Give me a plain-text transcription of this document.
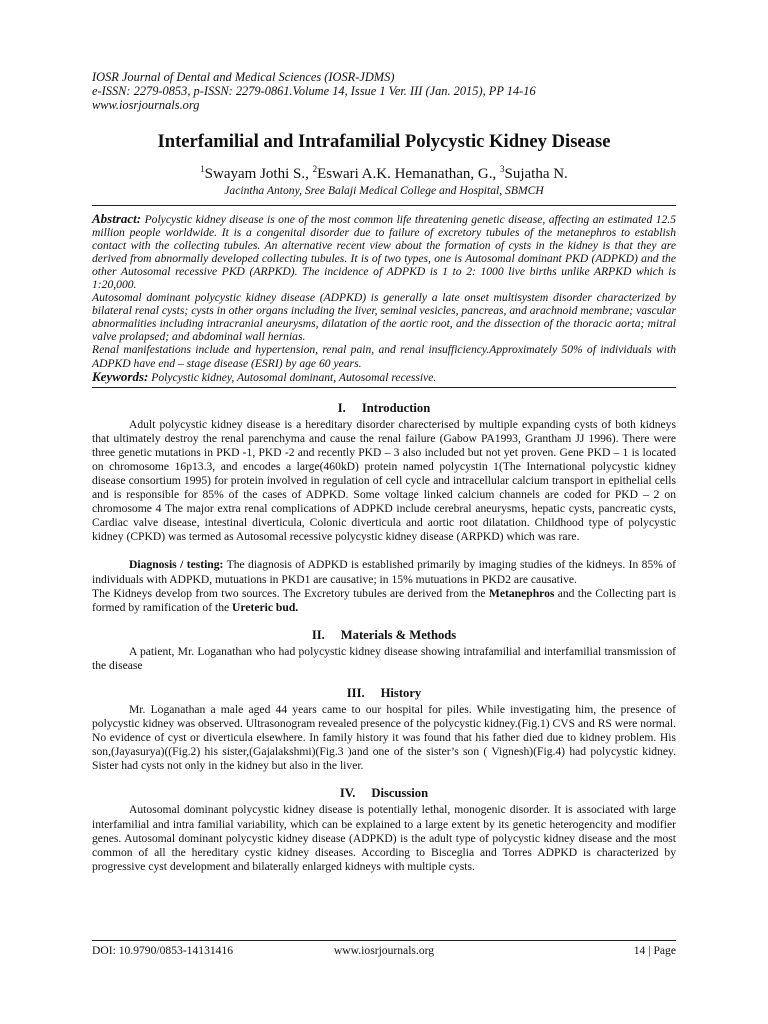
IOSR Journal of Dental and Medical Sciences (IOSR-JDMS)
e-ISSN: 2279-0853, p-ISSN: 2279-0861.Volume 14, Issue 1 Ver. III (Jan. 2015), PP 14-16
www.iosrjournals.org
Interfamilial and Intrafamilial Polycystic Kidney Disease
$^1$Swayam Jothi S., $^2$Eswari A.K. Hemanathan, G., $^3$Sujatha N.
Jacintha Antony, Sree Balaji Medical College and Hospital, SBMCH

Abstract: Polycystic kidney disease is one of the most common life threatening genetic disease, affecting an estimated 12.5 million people worldwide. It is a congenital disorder due to failure of excretory tubules of the metanephros to establish contact with the collecting tubules. An alternative recent view about the formation of cysts in the kidney is that they are derived from abnormally developed collecting tubules. It is of two types, one is Autosomal dominant PKD (ADPKD) and the other Autosomal recessive PKD (ARPKD). The incidence of ADPKD is 1 to 2: 1000 live births unlike ARPKD which is 1:20,000.

Autosomal dominant polycystic kidney disease (ADPKD) is generally a late onset multisystem disorder characterized by bilateral renal cysts; cysts in other organs including the liver, seminal vesicles, pancreas, and arachnoid membrane; vascular abnormalities including intracranial aneurysms, dilatation of the aortic root, and the dissection of the thoracic aorta; mitral valve prolapsed; and abdominal wall hernias.

Renal manifestations include and hypertension, renal pain, and renal insufficiency.Approximately 50% of individuals with ADPKD have end – stage disease (ESRI) by age 60 years.

Keywords: Polycystic kidney, Autosomal dominant, Autosomal recessive.
I. Introduction

Adult polycystic kidney disease is a hereditary disorder charecterised by multiple expanding cysts of both kidneys that ultimately destroy the renal parenchyma and cause the renal failure (Gabow PA1993, Grantham JJ 1996). There were three genetic mutations in PKD -1, PKD -2 and recently PKD – 3 also included but not yet proven. Gene PKD – 1 is located on chromosome 16p13.3, and encodes a large(460kD) protein named polycystin 1(The International polycystic kidney disease consortium 1995) for protein involved in regulation of cell cycle and intracellular calcium transport in epithelial cells and is responsible for 85% of the cases of ADPKD. Some voltage linked calcium channels are coded for PKD – 2 on chromosome 4 The major extra renal complications of ADPKD include cerebral aneurysms, hepatic cysts, pancreatic cysts, Cardiac valve disease, intestinal diverticula, Colonic diverticula and aortic root dilatation. Childhood type of polycystic kidney (CPKD) was termed as Autosomal recessive polycystic kidney disease (ARPKD) which was rare.

Diagnosis / testing: The diagnosis of ADPKD is established primarily by imaging studies of the kidneys. In 85% of individuals with ADPKD, mutuations in PKD1 are causative; in 15% mutuations in PKD2 are causative.

The Kidneys develop from two sources. The Excretory tubules are derived from the Metanephros and the Collecting part is formed by ramification of the Ureteric bud.

II. Materials & Methods

A patient, Mr. Loganathan who had polycystic kidney disease showing intrafamilial and interfamilial transmission of the disease

III. History

Mr. Loganathan a male aged 44 years came to our hospital for piles. While investigating him, the presence of polycystic kidney was observed. Ultrasonogram revealed presence of the polycystic kidney.(Fig.1) CVS and RS were normal. No evidence of cyst or diverticula elsewhere. In family history it was found that his father died due to kidney problem. His son,(Jayasurya)((Fig.2) his sister,(Gajalakshmi)(Fig.3 )and one of the sister’s son ( Vignesh)(Fig.4) had polycystic kidney. Sister had cysts not only in the kidney but also in the liver.

IV. Discussion

Autosomal dominant polycystic kidney disease is potentially lethal, monogenic disorder. It is associated with large interfamilial and intra familial variability, which can be explained to a large extent by its genetic heterogencity and modifier genes. Autosomal dominant polycystic kidney disease (ADPKD) is the adult type of polycystic kidney disease and the most common of all the hereditary cystic kidney diseases. According to Bisceglia and Torres ADPKD is characterized by progressive cyst development and bilaterally enlarged kidneys with multiple cysts.

DOI: 10.9790/0853-14131416	www.iosrjournals.org	14 | Page
